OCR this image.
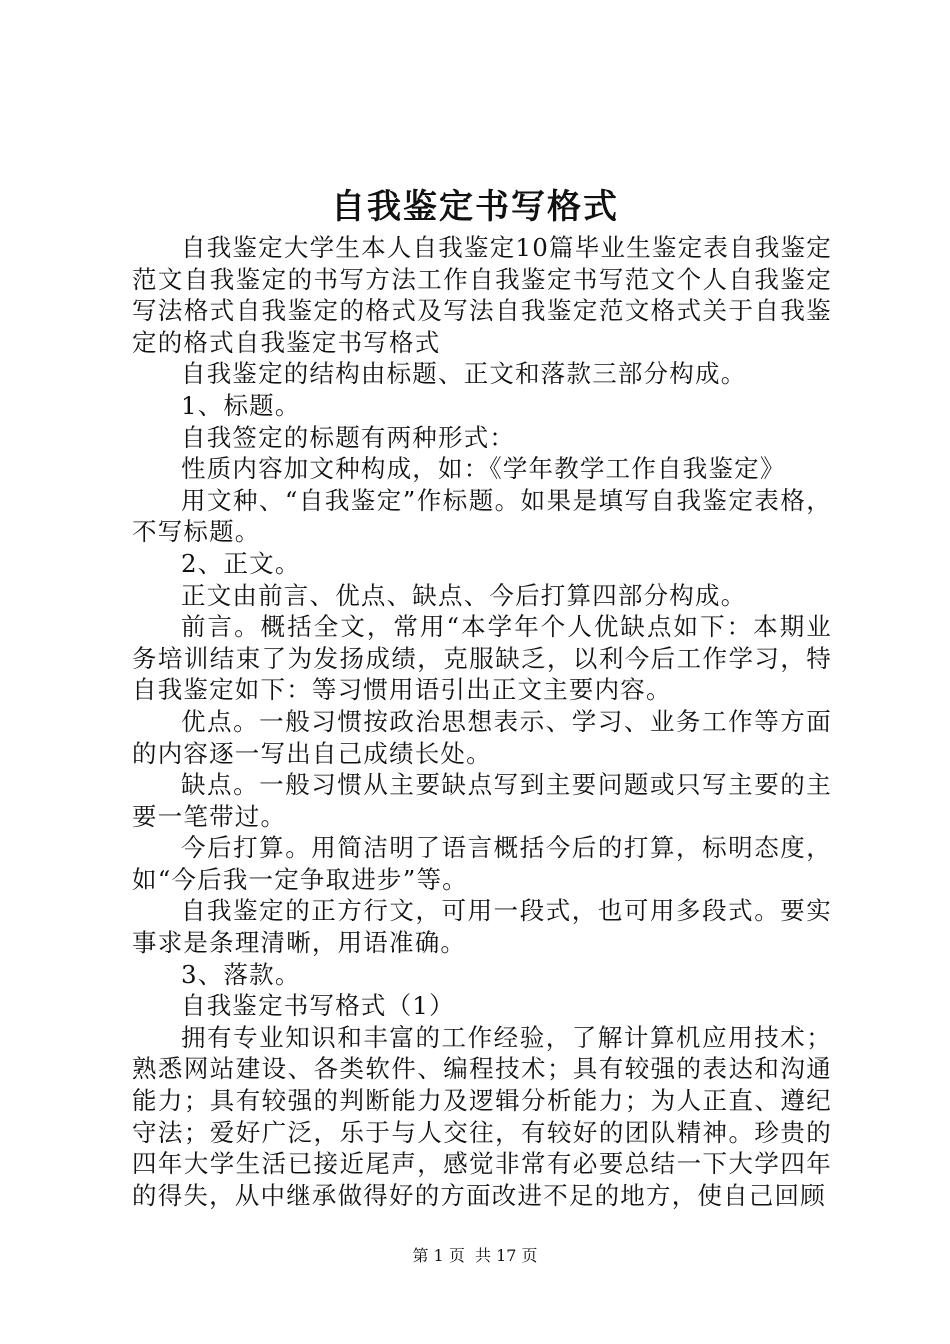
自我鉴定书写格式

自我鉴定大学生本人自我鉴定10篇毕业生鉴定表自我鉴定范文自我鉴定的书写方法工作自我鉴定书写范文个人自我鉴定写法格式自我鉴定的格式及写法自我鉴定范文格式关于自我鉴定的格式自我鉴定书写格式

自我鉴定的结构由标题、正文和落款三部分构成。

1、标题。

自我签定的标题有两种形式：

性质内容加文种构成，如：《学年教学工作自我鉴定》

用文种、“自我鉴定”作标题。如果是填写自我鉴定表格，不写标题。

2、正文。

正文由前言、优点、缺点、今后打算四部分构成。

前言。概括全文，常用“本学年个人优缺点如下：本期业务培训结束了为发扬成绩，克服缺乏，以利今后工作学习，特自我鉴定如下：等习惯用语引出正文主要内容。

优点。一般习惯按政治思想表示、学习、业务工作等方面的内容逐一写出自己成绩长处。

缺点。一般习惯从主要缺点写到主要问题或只写主要的主要一笔带过。

今后打算。用简洁明了语言概括今后的打算，标明态度，如“今后我一定争取进步”等。

自我鉴定的正方行文，可用一段式，也可用多段式。要实事求是条理清晰，用语准确。

3、落款。

自我鉴定书写格式（1）

拥有专业知识和丰富的工作经验，了解计算机应用技术；熟悉网站建设、各类软件、编程技术；具有较强的表达和沟通能力；具有较强的判断能力及逻辑分析能力；为人正直、遵纪守法；爱好广泛，乐于与人交往，有较好的团队精神。珍贵的四年大学生活已接近尾声，感觉非常有必要总结一下大学四年的得失，从中继承做得好的方面改进不足的地方，使自己回顾

第 1 页  共 17 页
